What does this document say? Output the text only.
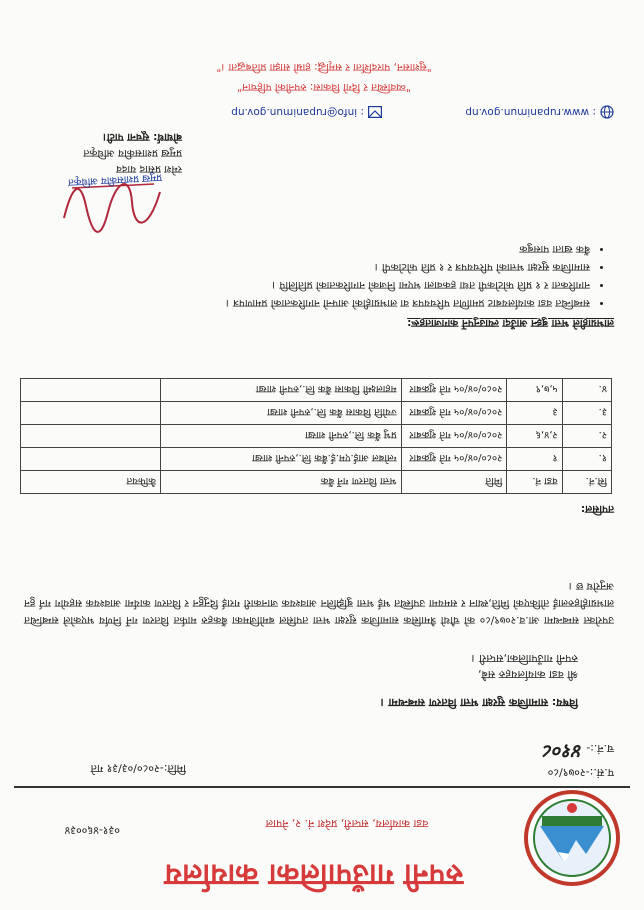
रुपनी गाउँपालिका कार्यालय
वडा कार्यालय, सप्तरी, प्रदेश नं. २, नेपाल
०३१-४६००३४
प.सं.:-२०७९/८०
च.नं.:- ४१०८
मिति:-२०८०/०३/३१ गते
विषय: सामाजिक सुरक्षा भत्ता वितरण सम्बन्धमा ।
श्री वडा कार्यालयहरु सबै,
रुपनी गाउँपालिका,सप्तरी ।
उपरोक्त सम्बन्धमा आ.व.२०७९/८० को चौथो त्रैमासिक सामाजिक सुरक्षा भत्ता तपसिल बमोजिमका बैंकहरु मार्फत वितरण गर्ने निर्णय भएकोले सम्बन्धित लाभग्राहीहरुलाई तोकिएको मिति,स्थान र समयमा उपस्थित भई भत्ता बुझिलिन आवश्यक जानकारी गराई दिनुहुन र वितरण कार्यमा आवश्यक सहयोग गर्न हुन अनुरोध छ ।
तपसिल:
सि.नं.	वडा नं.	मिति	भत्ता वितरण गर्ने बैंक	कैफियत
१.	१	२०८०/०४/०५ गते शुक्रबार	ग्लोबल आई.एम.ई.बैंक लि.,रुपनी शाखा	
२.	२,४,६	२०८०/०४/०५ गते शुक्रबार	प्रभु बैंक लि.,रुपनी शाखा	
३.	३	२०८०/०४/०५ गते शुक्रबार	ज्योति विकास बैंक लि.,रुपनी शाखा	
४.	५,७,९	२०८०/०४/०५ गते शुक्रबार	महालक्ष्मी विकास बैंक लि.,रुपनी शाखा	
लाभग्राहीले भत्ता बुझ्न आउँदा ल्याउनुपर्ने कागजातहरू:
• सम्बन्धित वडा कार्यालयबाट प्रमाणित परिचयपत्र वा लाभग्राहीको आफ्नो नागरिकताको प्रमाणपत्र ।
• नागरिकता र १ प्रति फोटोकपी तथा हकवाला भएमा निजको नागरिकताको प्रतिलिपि ।
• सामाजिक सुरक्षा भत्ताको परिचयपत्र र १ प्रति फोटोकपी ।
• बैंक खाता पासबुक
प्रमुख प्रशासकीय अधिकृत
रमेश प्रसाद यादव
प्रमुख प्रशासकीय अधिकृत
बोधार्थ: सूचना पाटी।
: www.rupanimun.gov.np
: info@rupanimun.gov.np
"व्यवस्थित र दिगो विकास: रुपनीको पहिचान"
"सुशासन, पारदर्शिता र समृद्धि: हाम्रो साझा प्रतिबद्धता ।"
